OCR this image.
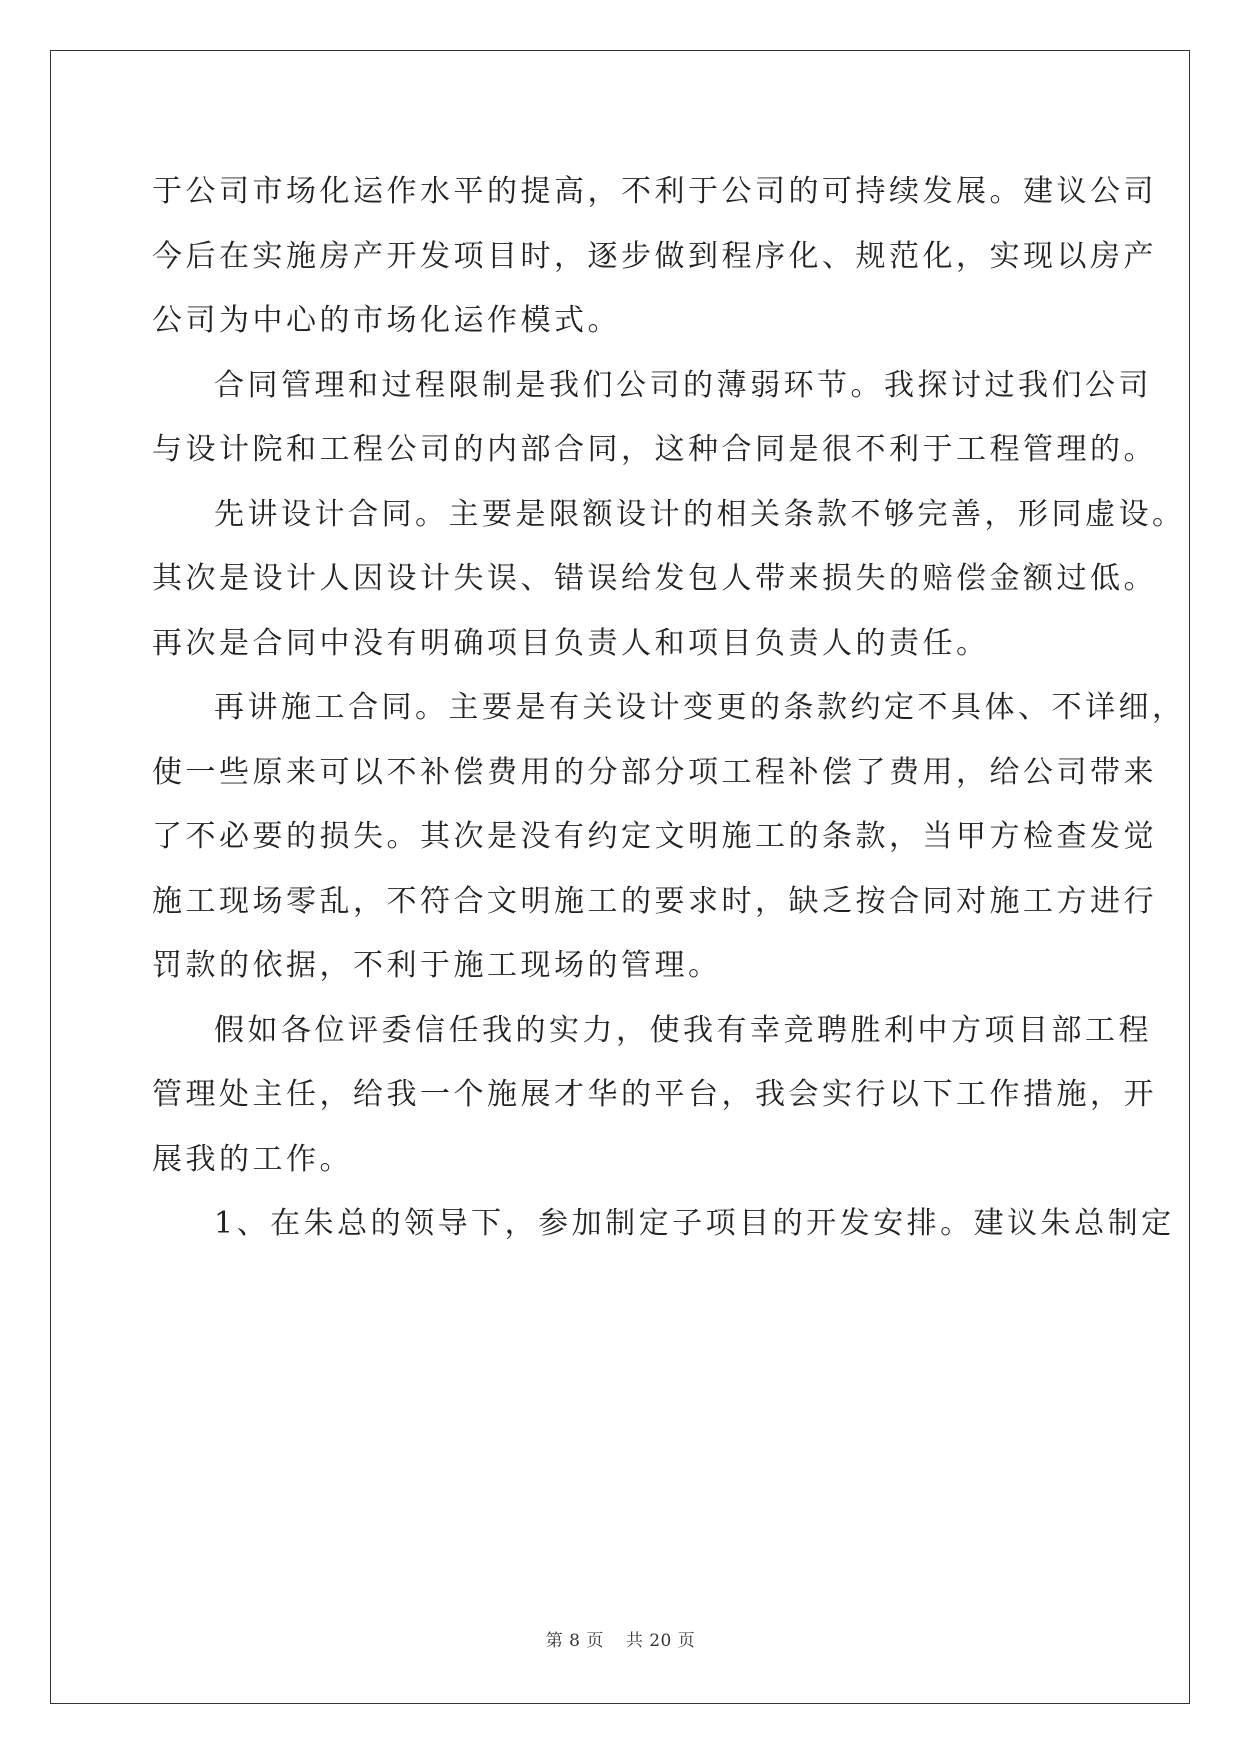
于公司市场化运作水平的提高，不利于公司的可持续发展。建议公司
今后在实施房产开发项目时，逐步做到程序化、规范化，实现以房产
公司为中心的市场化运作模式。
合同管理和过程限制是我们公司的薄弱环节。我探讨过我们公司
与设计院和工程公司的内部合同，这种合同是很不利于工程管理的。
先讲设计合同。主要是限额设计的相关条款不够完善，形同虚设。
其次是设计人因设计失误、错误给发包人带来损失的赔偿金额过低。
再次是合同中没有明确项目负责人和项目负责人的责任。
再讲施工合同。主要是有关设计变更的条款约定不具体、不详细，
使一些原来可以不补偿费用的分部分项工程补偿了费用，给公司带来
了不必要的损失。其次是没有约定文明施工的条款，当甲方检查发觉
施工现场零乱，不符合文明施工的要求时，缺乏按合同对施工方进行
罚款的依据，不利于施工现场的管理。
假如各位评委信任我的实力，使我有幸竞聘胜利中方项目部工程
管理处主任，给我一个施展才华的平台，我会实行以下工作措施，开
展我的工作。
1、在朱总的领导下，参加制定子项目的开发安排。建议朱总制定
第 8 页 共 20 页
